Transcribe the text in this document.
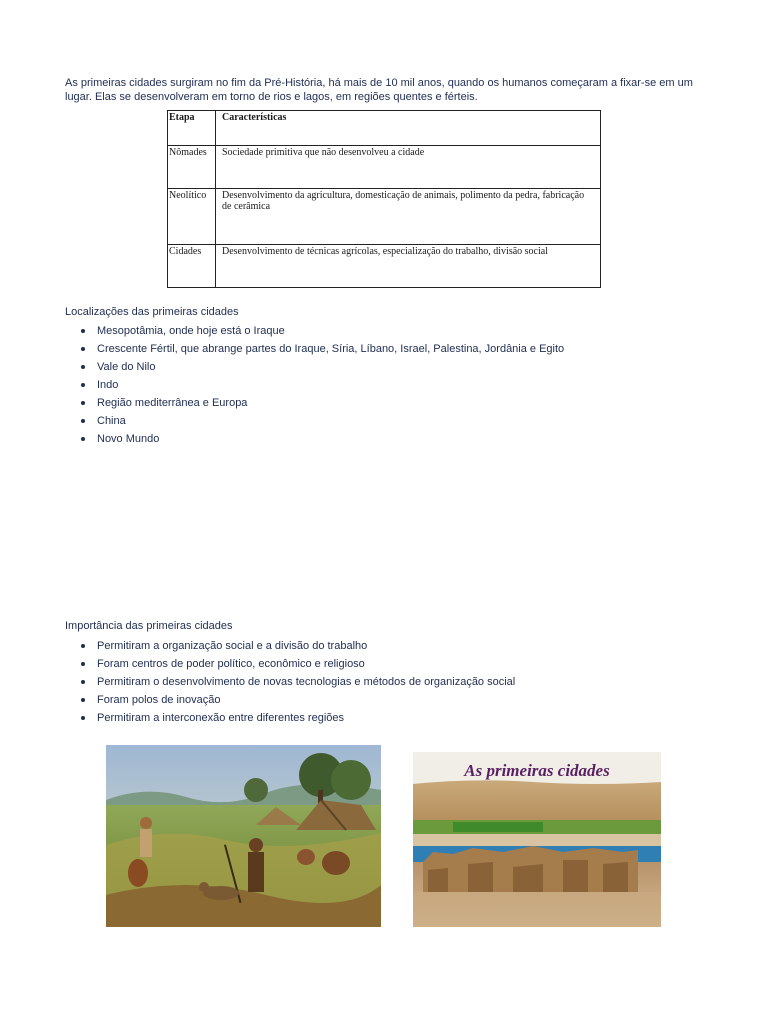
As primeiras cidades surgiram no fim da Pré-História, há mais de 10 mil anos, quando os humanos começaram a fixar-se em um lugar. Elas se desenvolveram em torno de rios e lagos, em regiões quentes e férteis.

Etapa	Características
Nômades	Sociedade primitiva que não desenvolveu a cidade
Neolítico	Desenvolvimento da agricultura, domesticação de animais, polimento da pedra, fabricação de cerâmica
Cidades	Desenvolvimento de técnicas agrícolas, especialização do trabalho, divisão social

Localizações das primeiras cidades

Mesopotâmia, onde hoje está o Iraque
Crescente Fértil, que abrange partes do Iraque, Síria, Líbano, Israel, Palestina, Jordânia e Egito
Vale do Nilo
Indo
Região mediterrânea e Europa
China
Novo Mundo

Importância das primeiras cidades

Permitiram a organização social e a divisão do trabalho
Foram centros de poder político, econômico e religioso
Permitiram o desenvolvimento de novas tecnologias e métodos de organização social
Foram polos de inovação
Permitiram a interconexão entre diferentes regiões
As primeiras cidades
